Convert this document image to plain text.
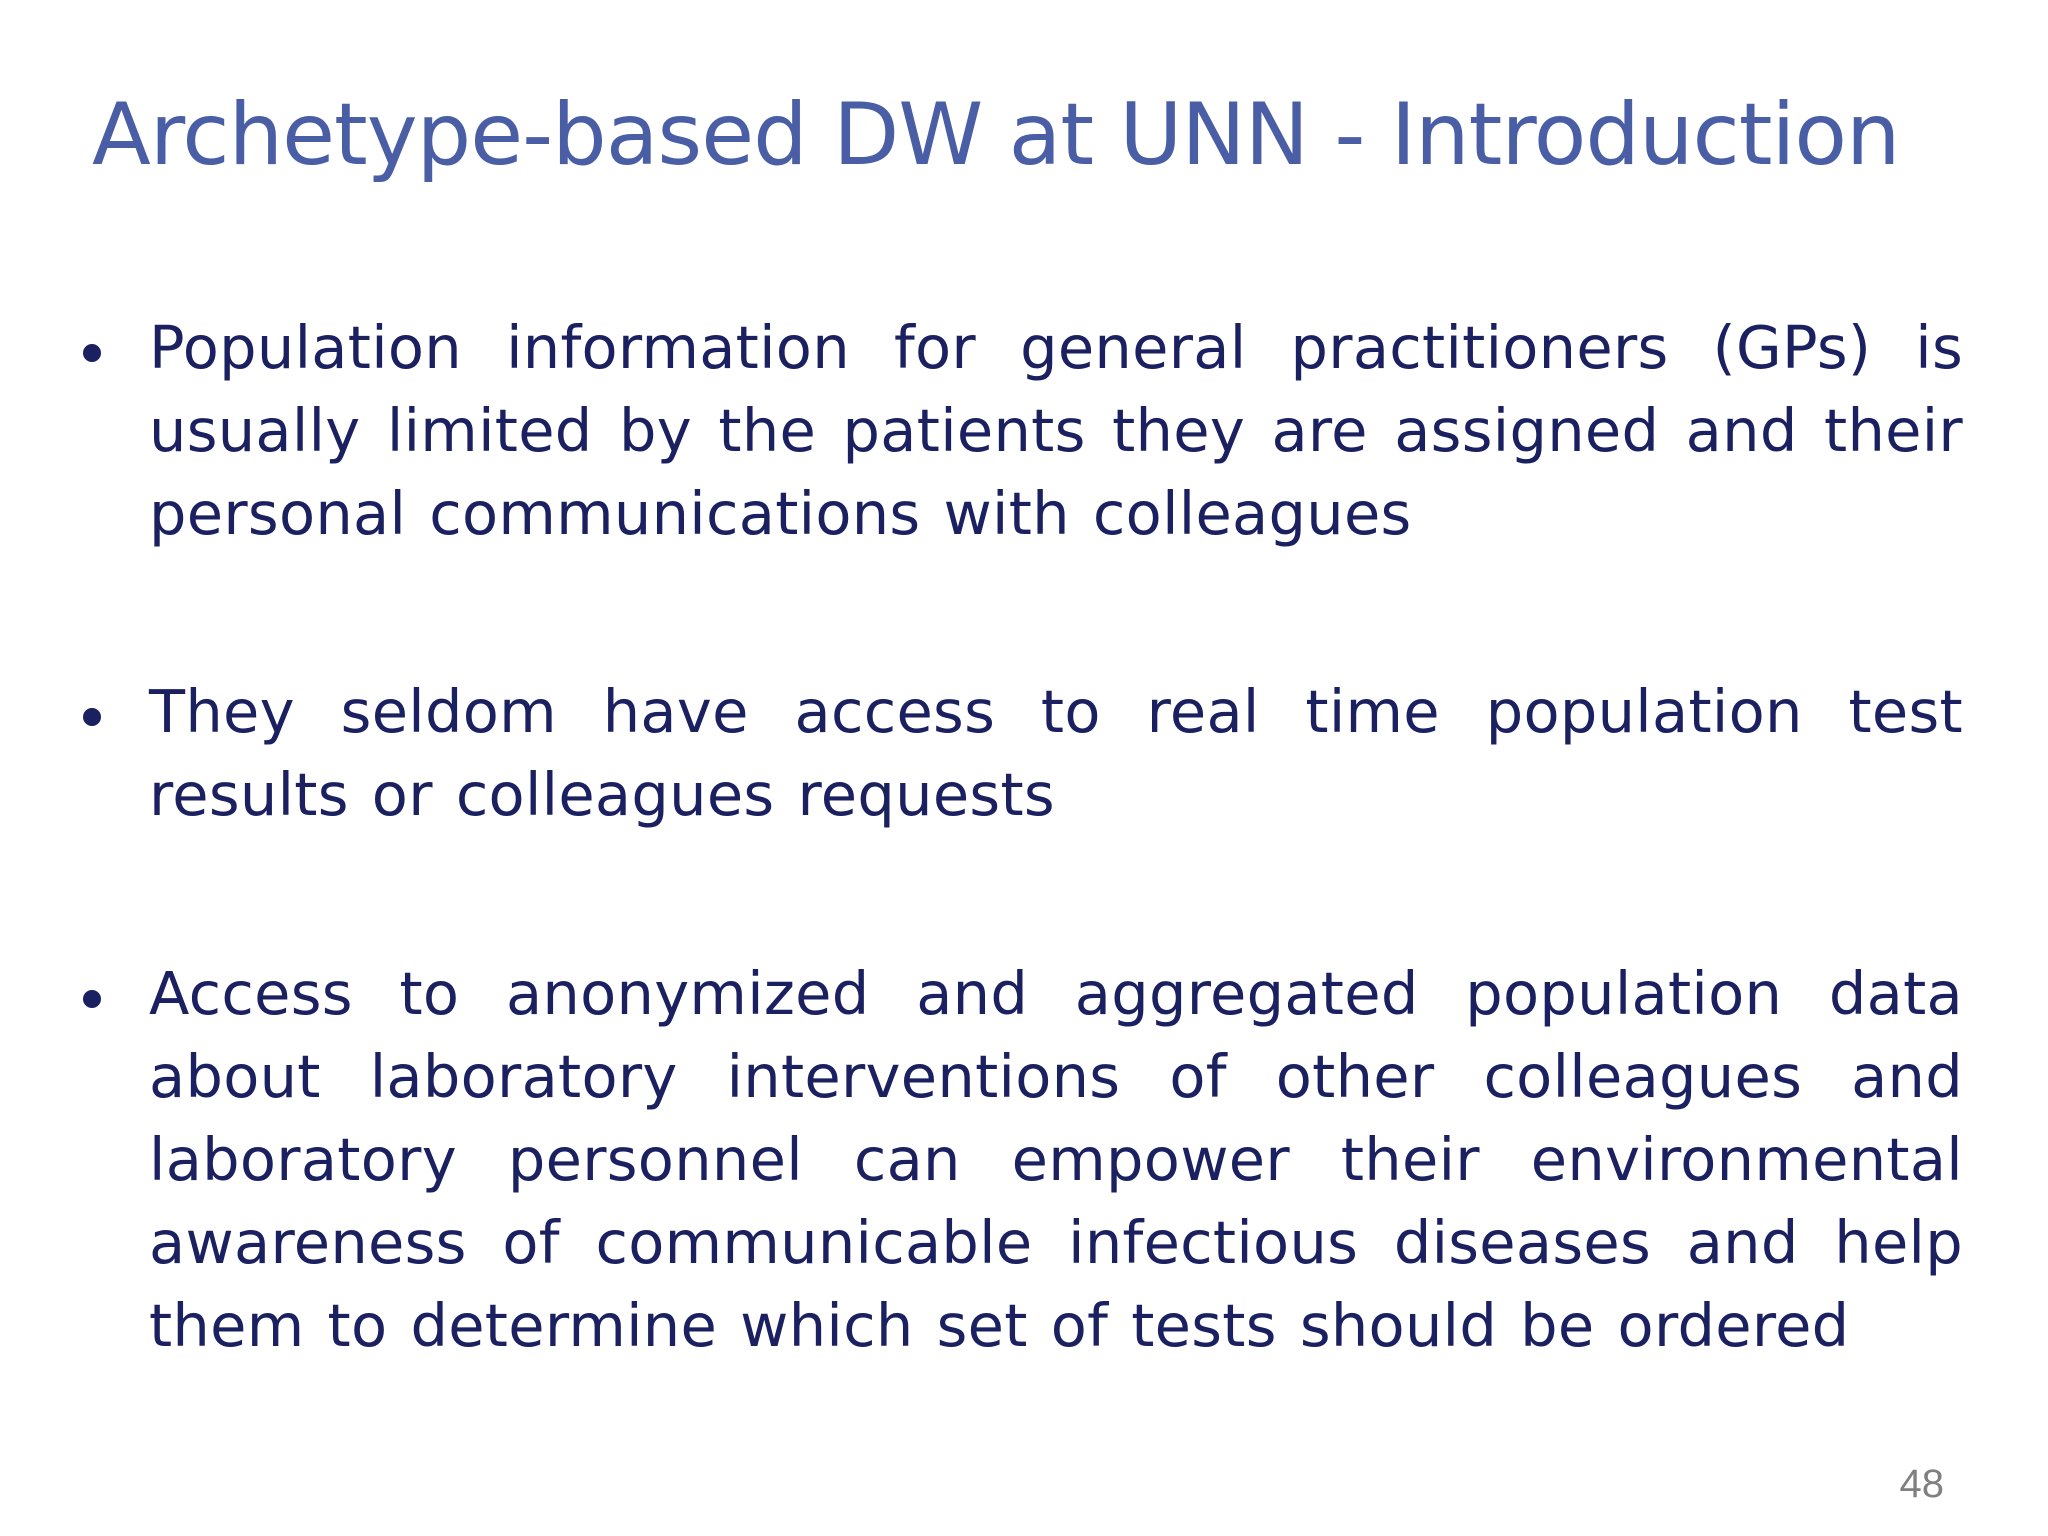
Archetype-based DW at UNN - Introduction
Population information for general practitioners (GPs) is usually limited by the patients they are assigned and their personal communications with colleagues
They seldom have access to real time population test results or colleagues requests
Access to anonymized and aggregated population data about laboratory interventions of other colleagues and laboratory personnel can empower their environmental awareness of communicable infectious diseases and help them to determine which set of tests should be ordered
48
